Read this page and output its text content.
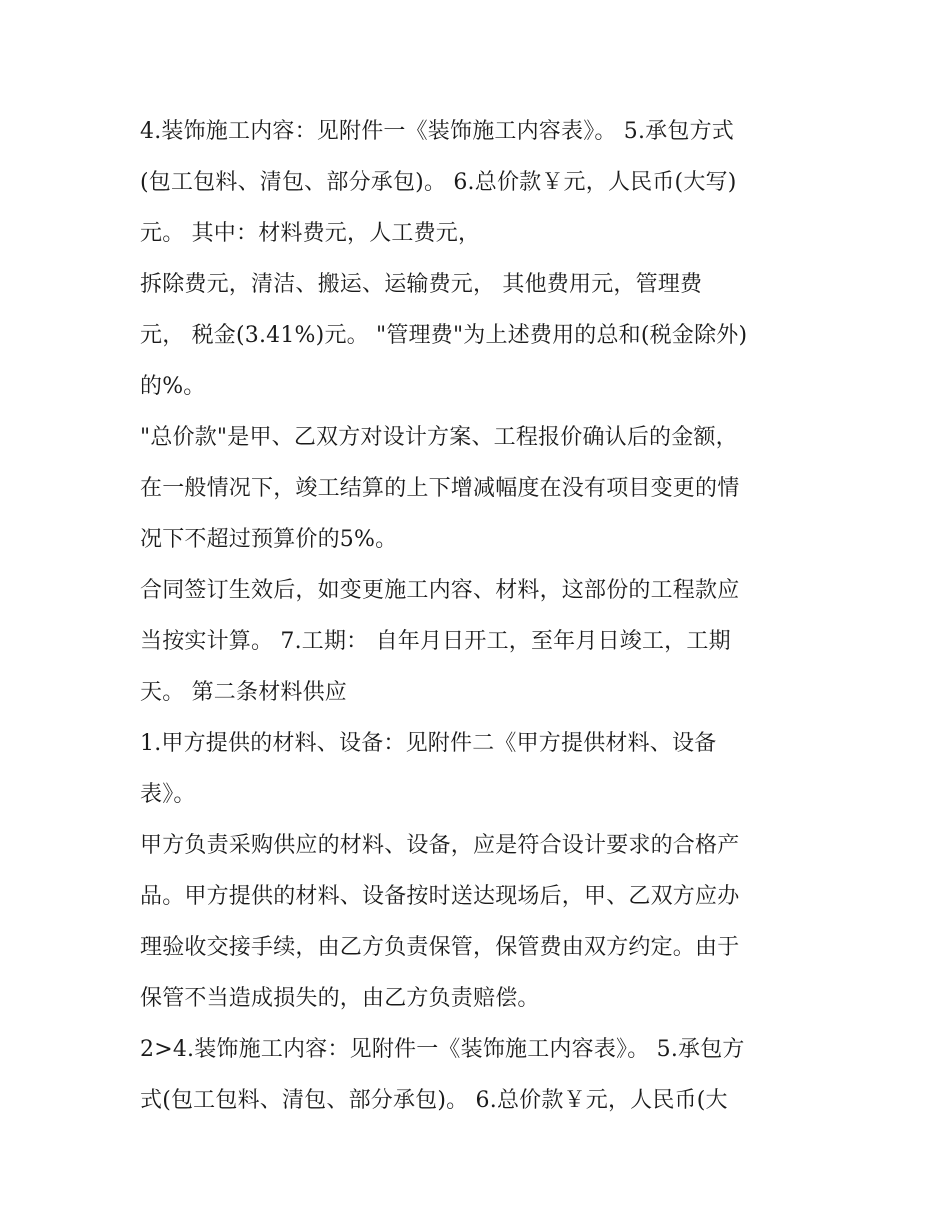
4.装饰施工内容：见附件一《装饰施工内容表》。 5.承包方式
(包工包料、清包、部分承包)。 6.总价款￥元，人民币(大写)
元。 其中：材料费元，人工费元，
拆除费元，清洁、搬运、运输费元， 其他费用元，管理费
元， 税金(3.41%)元。 "管理费"为上述费用的总和(税金除外)
的%。
"总价款"是甲、乙双方对设计方案、工程报价确认后的金额，
在一般情况下，竣工结算的上下增减幅度在没有项目变更的情
况下不超过预算价的5%。
合同签订生效后，如变更施工内容、材料，这部份的工程款应
当按实计算。 7.工期： 自年月日开工，至年月日竣工，工期
天。 第二条材料供应
1.甲方提供的材料、设备：见附件二《甲方提供材料、设备
表》。
甲方负责采购供应的材料、设备，应是符合设计要求的合格产
品。甲方提供的材料、设备按时送达现场后，甲、乙双方应办
理验收交接手续，由乙方负责保管，保管费由双方约定。由于
保管不当造成损失的，由乙方负责赔偿。
2>4.装饰施工内容：见附件一《装饰施工内容表》。 5.承包方
式(包工包料、清包、部分承包)。 6.总价款￥元，人民币(大
